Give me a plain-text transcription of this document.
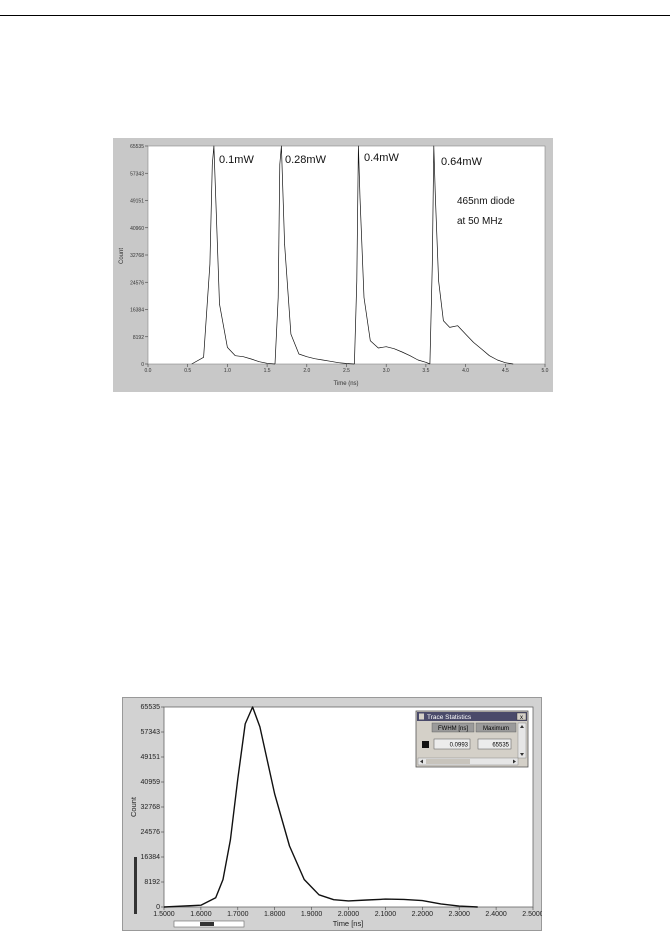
0.0	0.5	1.0	1.5	2.0	2.5	3.0	3.5	4.0	4.5	5.0
0
8192
16384
24576
32768
40960
49151
57343
65535
Count
Time (ns)
0.1mW	0.28mW	0.4mW	0.64mW
465nm diode
at 50 MHz
1.5000 1.6000 1.7000 1.8000 1.9000 2.0000 2.1000 2.2000 2.3000 2.4000 2.5000
0
8192
16384
24576
32768
40959
49151
57343
65535
Count
Time [ns]
Trace Statistics	x
FWHM [ns] Maximum
0.0993	65535
